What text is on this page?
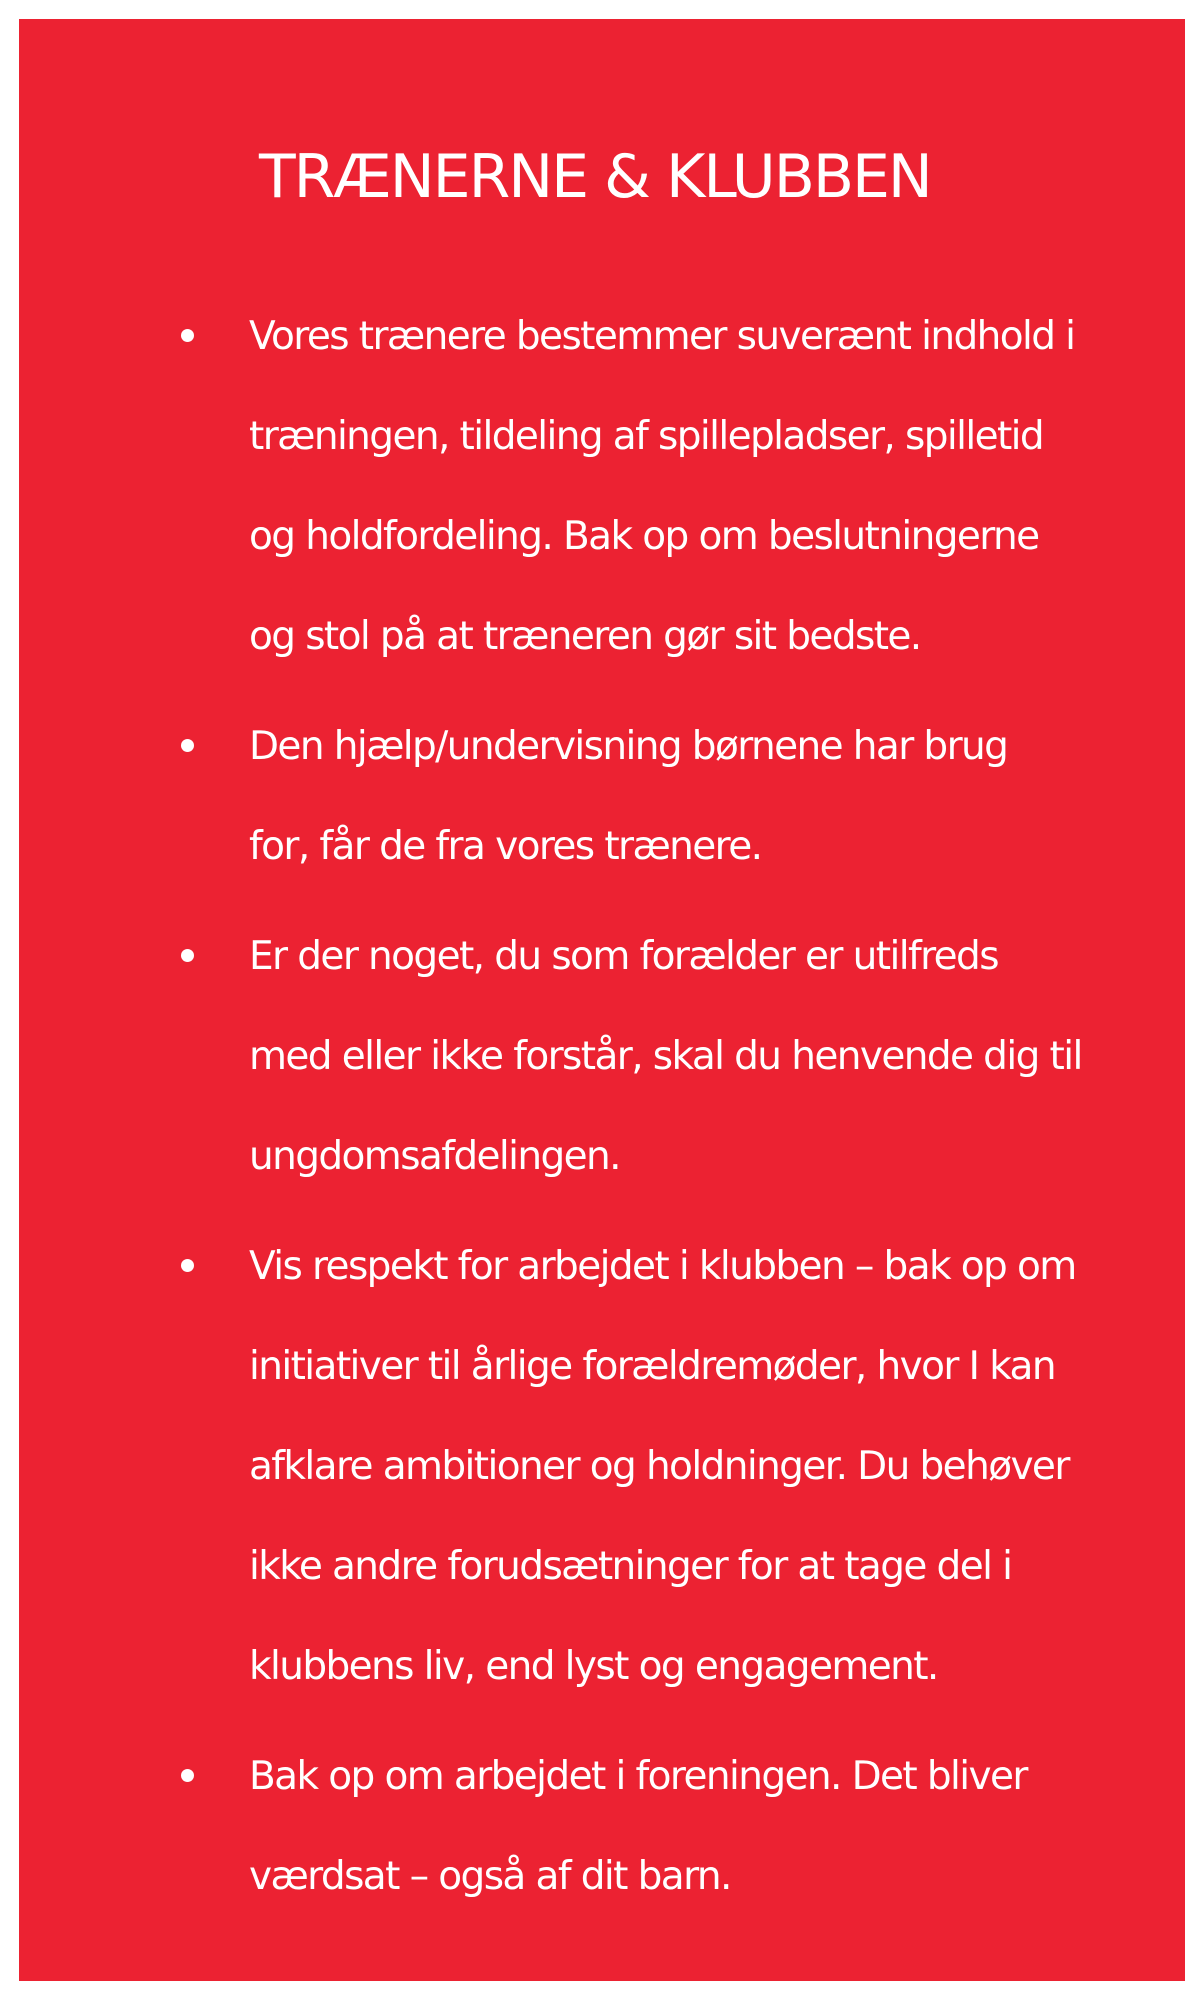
TRÆNERNE & KLUBBEN
Vores trænere bestemmer suverænt indhold i
træningen, tildeling af spillepladser, spilletid
og holdfordeling. Bak op om beslutningerne
og stol på at træneren gør sit bedste.
Den hjælp/undervisning børnene har brug
for, får de fra vores trænere.
Er der noget, du som forælder er utilfreds
med eller ikke forstår, skal du henvende dig til
ungdomsafdelingen.
Vis respekt for arbejdet i klubben – bak op om
initiativer til årlige forældremøder, hvor I kan
afklare ambitioner og holdninger. Du behøver
ikke andre forudsætninger for at tage del i
klubbens liv, end lyst og engagement.
Bak op om arbejdet i foreningen. Det bliver
værdsat – også af dit barn.
